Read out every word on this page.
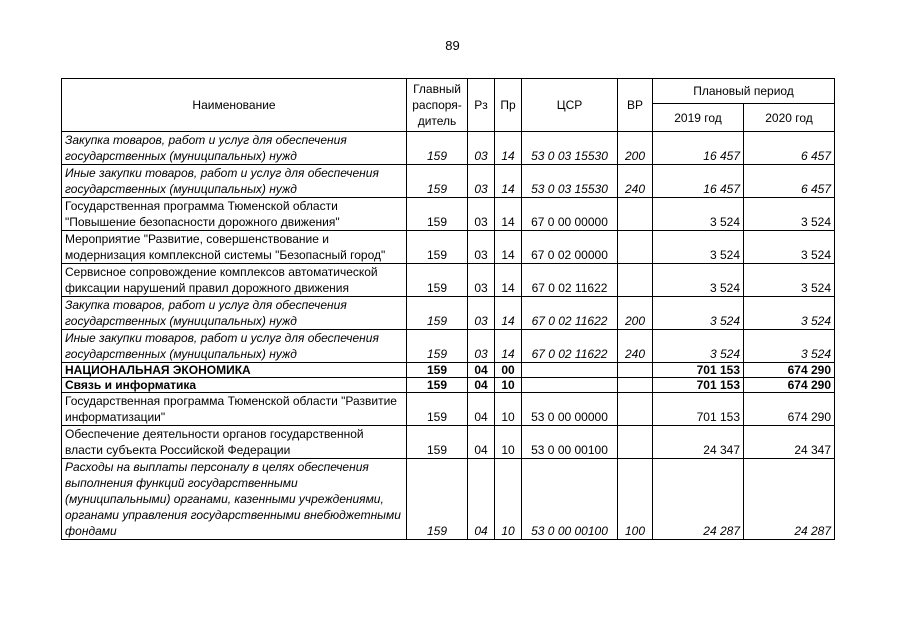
89
Наименование	Главный распоря-дитель	Рз	Пр	ЦСР	ВР	Плановый период	
						2019 год	2020 год
Закупка товаров, работ и услуг для обеспечения государственных (муниципальных) нужд	159	03	14	53 0 03 15530	200	16 457	6 457
Иные закупки товаров, работ и услуг для обеспечения государственных (муниципальных) нужд	159	03	14	53 0 03 15530	240	16 457	6 457
Государственная программа Тюменской области "Повышение безопасности дорожного движения"	159	03	14	67 0 00 00000		3 524	3 524
Мероприятие "Развитие, совершенствование и модернизация комплексной системы "Безопасный город"	159	03	14	67 0 02 00000		3 524	3 524
Сервисное сопровождение комплексов автоматической фиксации нарушений правил дорожного движения	159	03	14	67 0 02 11622		3 524	3 524
Закупка товаров, работ и услуг для обеспечения государственных (муниципальных) нужд	159	03	14	67 0 02 11622	200	3 524	3 524
Иные закупки товаров, работ и услуг для обеспечения государственных (муниципальных) нужд	159	03	14	67 0 02 11622	240	3 524	3 524
НАЦИОНАЛЬНАЯ ЭКОНОМИКА	159	04	00			701 153	674 290
Связь и информатика	159	04	10			701 153	674 290
Государственная программа Тюменской области "Развитие информатизации"	159	04	10	53 0 00 00000		701 153	674 290
Обеспечение деятельности органов государственной власти субъекта Российской Федерации	159	04	10	53 0 00 00100		24 347	24 347
Расходы на выплаты персоналу в целях обеспечения выполнения функций государственными (муниципальными) органами, казенными учреждениями, органами управления государственными внебюджетными фондами	159	04	10	53 0 00 00100	100	24 287	24 287
